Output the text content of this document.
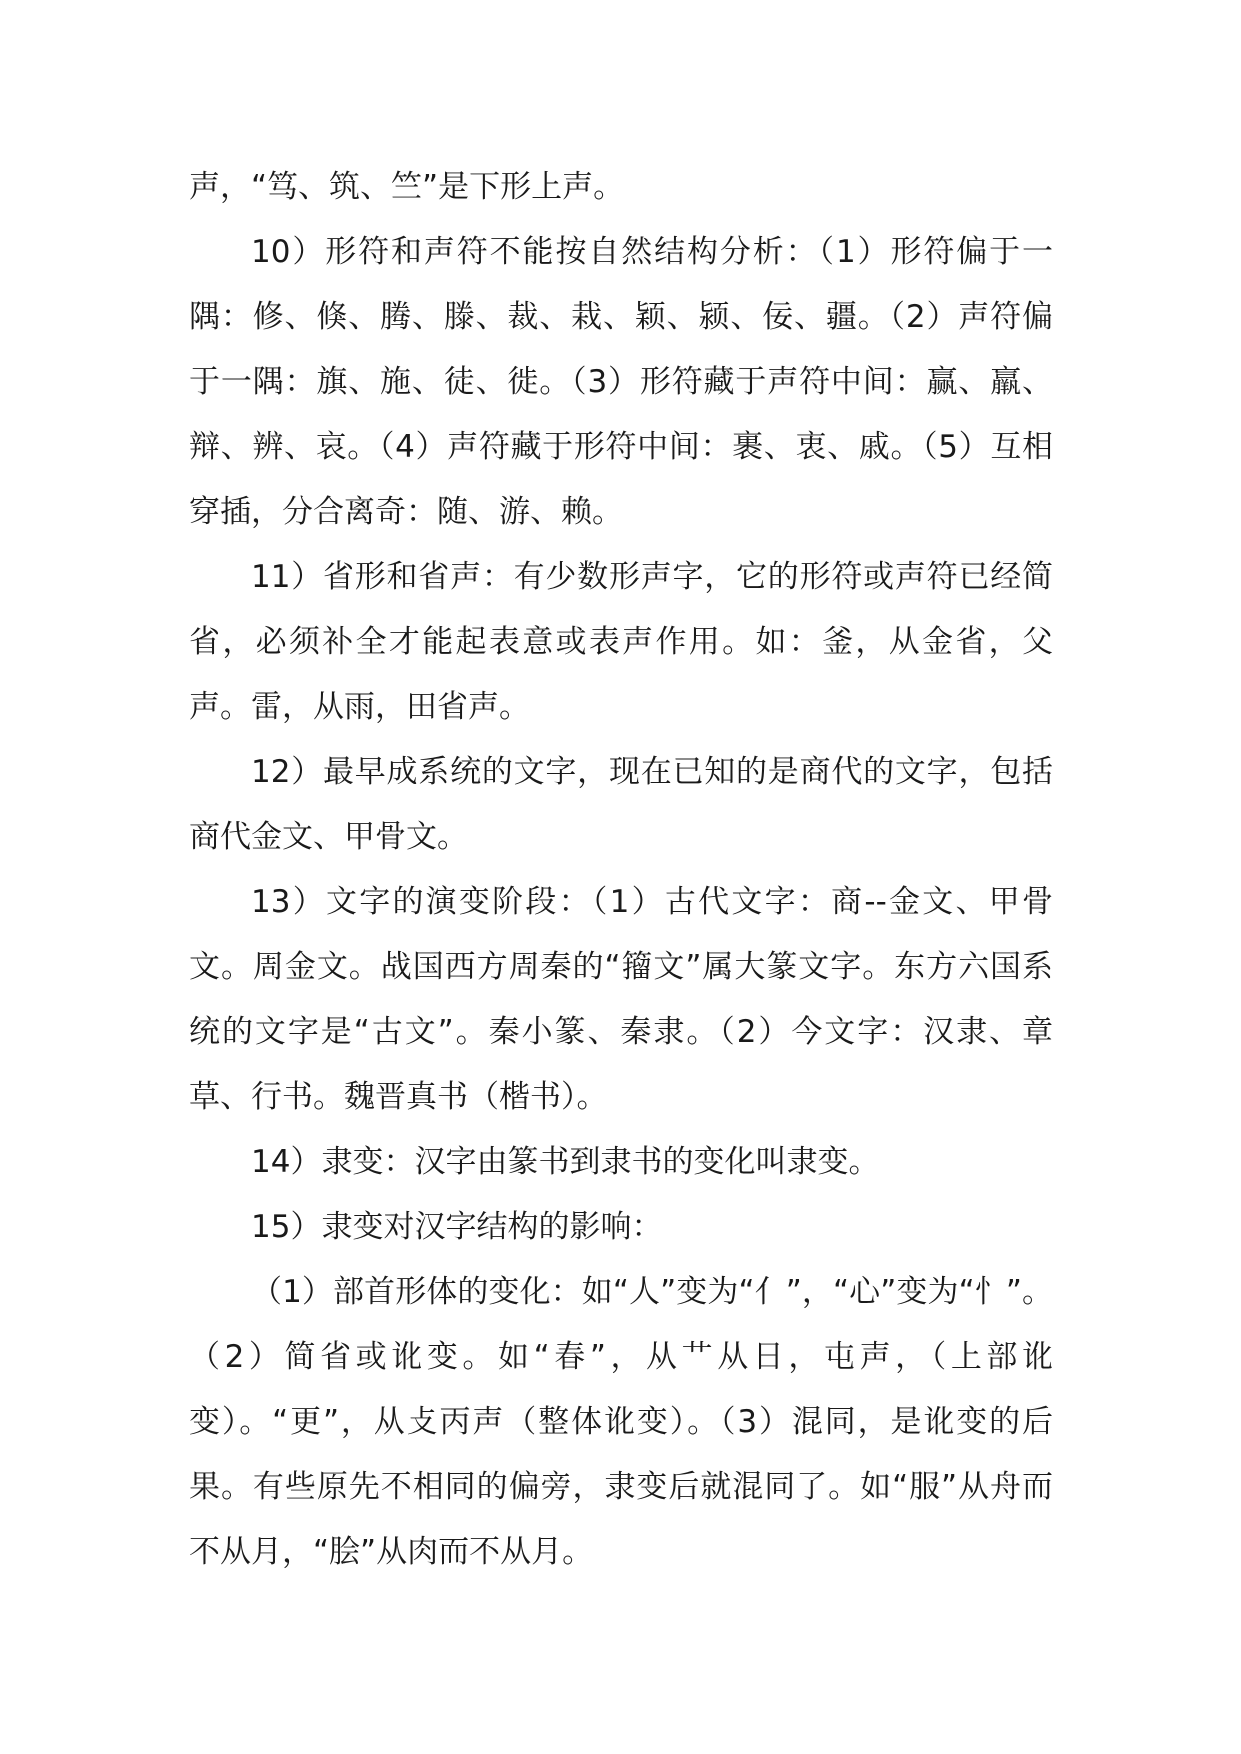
声，“笃、筑、竺”是下形上声。

10）形符和声符不能按自然结构分析：（1）形符偏于一隅：修、倏、腾、滕、裁、栽、颖、颍、佞、疆。（2）声符偏于一隅：旗、施、徒、徙。（3）形符藏于声符中间：赢、羸、辩、辨、哀。（4）声符藏于形符中间：裹、衷、戚。（5）互相穿插，分合离奇：随、游、赖。

11）省形和省声：有少数形声字，它的形符或声符已经简省，必须补全才能起表意或表声作用。如：釜，从金省，父声。雷，从雨，田省声。

12）最早成系统的文字，现在已知的是商代的文字，包括商代金文、甲骨文。

13）文字的演变阶段：（1）古代文字：商--金文、甲骨文。周金文。战国西方周秦的“籀文”属大篆文字。东方六国系统的文字是“古文”。秦小篆、秦隶。（2）今文字：汉隶、章草、行书。魏晋真书（楷书）。

14）隶变：汉字由篆书到隶书的变化叫隶变。

15）隶变对汉字结构的影响：

（1）部首形体的变化：如“人”变为“亻”，“心”变为“忄”。（2）简省或讹变。如“春”，从艹从日，屯声，（上部讹变）。“更”，从攴丙声（整体讹变）。（3）混同，是讹变的后果。有些原先不相同的偏旁，隶变后就混同了。如“服”从舟而不从月，“脍”从肉而不从月。
